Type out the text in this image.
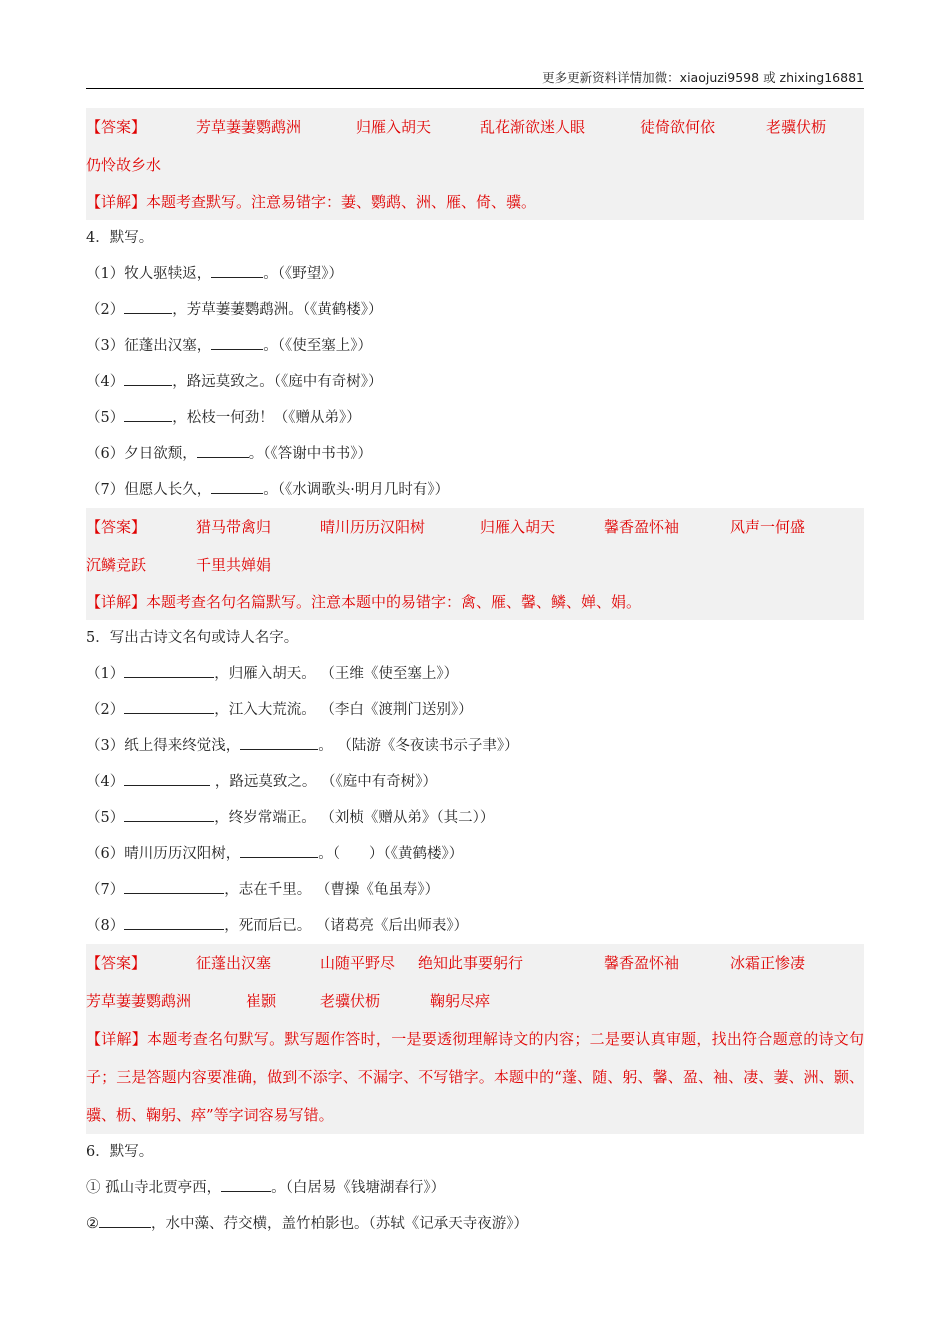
更多更新资料详情加微：xiaojuzi9598 或 zhixing16881
【答案】	芳草萋萋鹦鹉洲	归雁入胡天	乱花渐欲迷人眼	徒倚欲何依	老骥伏枥
仍怜故乡水
【详解】本题考查默写。注意易错字：萋、鹦鹉、洲、雁、倚、骥。
4．默写。
（1）牧人驱犊返，	。（《野望》）
（2）	，芳草萋萋鹦鹉洲。（《黄鹤楼》）
（3）征蓬出汉塞，	。（《使至塞上》）
（4）	，路远莫致之。（《庭中有奇树》）
（5）	，松枝一何劲！（《赠从弟》）
（6）夕日欲颓，	。（《答谢中书书》）
（7）但愿人长久，	。（《水调歌头·明月几时有》）
【答案】	猎马带禽归	晴川历历汉阳树	归雁入胡天	馨香盈怀袖	风声一何盛
沉鳞竞跃	千里共婵娟
【详解】本题考查名句名篇默写。注意本题中的易错字：禽、雁、馨、鳞、婵、娟。
5．写出古诗文名句或诗人名字。
（1）	，归雁入胡天。 （王维《使至塞上》）
（2）	，江入大荒流。 （李白《渡荆门送别》）
（3）纸上得来终觉浅，	。 （陆游《冬夜读书示子聿》）
（4）	，路远莫致之。 （《庭中有奇树》）
（5）	，终岁常端正。 （刘桢《赠从弟》（其二））
（6）晴川历历汉阳树，	。（　　）（《黄鹤楼》）
（7）	，志在千里。 （曹操《龟虽寿》）
（8）	，死而后已。 （诸葛亮《后出师表》）
【答案】	征蓬出汉塞	山随平野尽 绝知此事要躬行	馨香盈怀袖	冰霜正惨凄
芳草萋萋鹦鹉洲	崔颢	老骥伏枥	鞠躬尽瘁
【详解】本题考查名句默写。默写题作答时，一是要透彻理解诗文的内容；二是要认真审题，找出符合题意的诗文句子；三是答题内容要准确，做到不添字、不漏字、不写错字。本题中的“蓬、随、躬、馨、盈、袖、凄、萋、洲、颢、骥、枥、鞠躬、瘁”等字词容易写错。
6．默写。
① 孤山寺北贾亭西，	。（白居易《钱塘湖春行》）
②	，水中藻、荇交横，盖竹柏影也。（苏轼《记承天寺夜游》）
